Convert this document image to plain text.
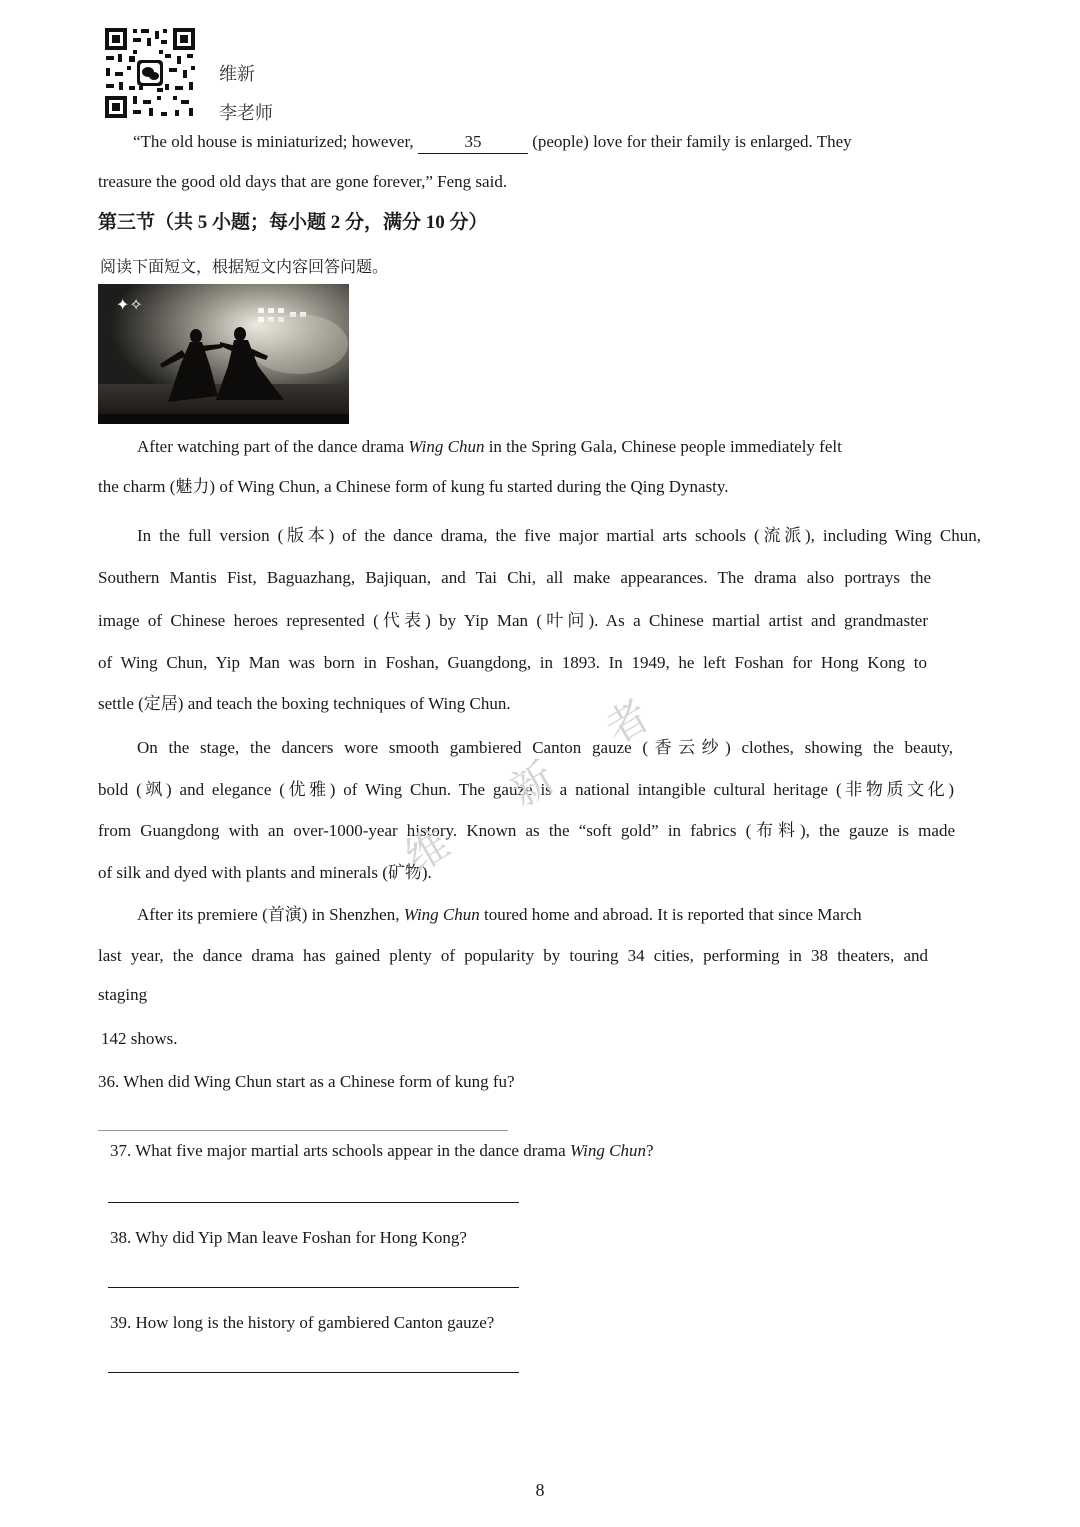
维新
李老师
“The old house is miniaturized; however,	35	(people) love for their family is enlarged. They
treasure the good old days that are gone forever,” Feng said.
第三节（共 5 小题；每小题 2 分，满分 10 分）
阅读下面短文，根据短文内容回答问题。
✦✧
After watching part of the dance drama Wing Chun in the Spring Gala, Chinese people immediately felt
the charm (魅力) of Wing Chun, a Chinese form of kung fu started during the Qing Dynasty.
In the full version (版本) of the dance drama, the five major martial arts schools (流派), including Wing Chun,
Southern Mantis Fist, Baguazhang, Bajiquan, and Tai Chi, all make appearances. The drama also portrays the
image of Chinese heroes represented (代表) by Yip Man (叶问). As a Chinese martial artist and grandmaster
of Wing Chun, Yip Man was born in Foshan, Guangdong, in 1893. In 1949, he left Foshan for Hong Kong to
settle (定居) and teach the boxing techniques of Wing Chun.
On the stage, the dancers wore smooth gambiered Canton gauze (香云纱) clothes, showing the beauty,
bold (飒) and elegance (优雅) of Wing Chun. The gauze is a national intangible cultural heritage (非物质文化)
from Guangdong with an over-1000-year history. Known as the “soft gold” in fabrics (布料), the gauze is made
of silk and dyed with plants and minerals (矿物).
After its premiere (首演) in Shenzhen, Wing Chun toured home and abroad. It is reported that since March
last year, the dance drama has gained plenty of popularity by touring 34 cities, performing in 38 theaters, and
staging
142 shows.
36. When did Wing Chun start as a Chinese form of kung fu?
37. What five major martial arts schools appear in the dance drama Wing Chun?
38. Why did Yip Man leave Foshan for Hong Kong?
39. How long is the history of gambiered Canton gauze?
维
新
者
8
